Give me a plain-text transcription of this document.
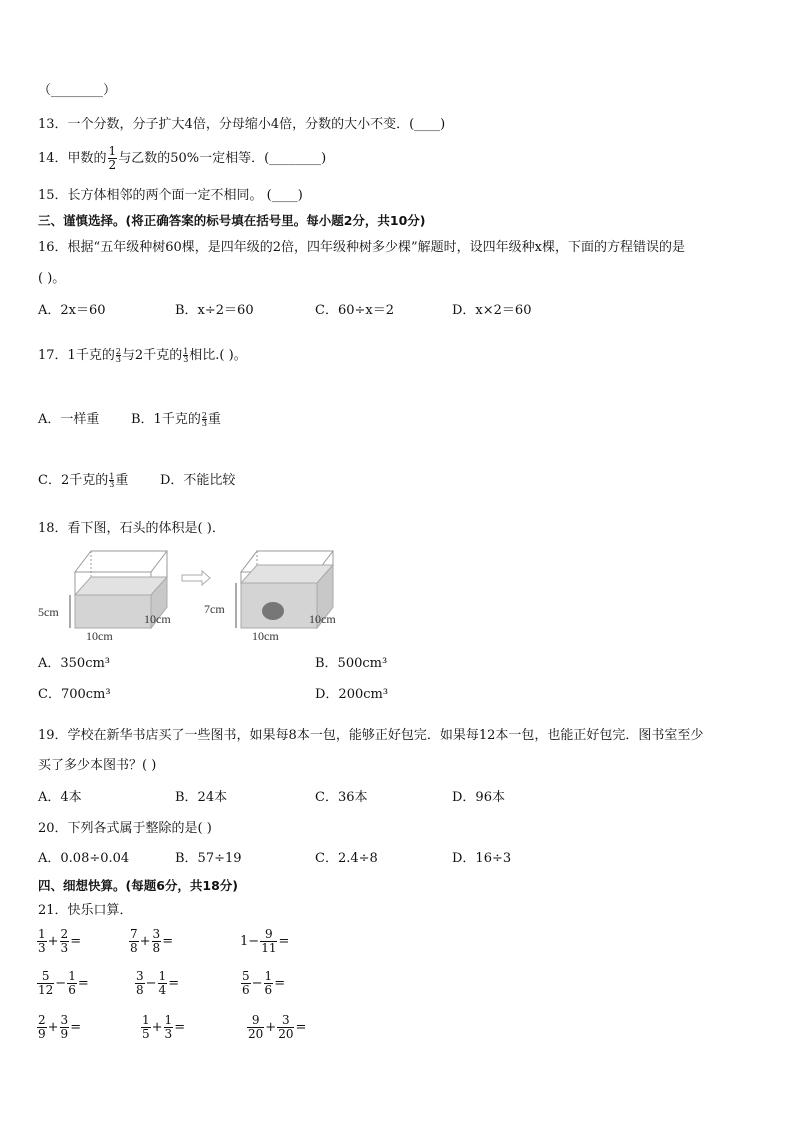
（________）
13．一个分数，分子扩大4倍，分母缩小4倍，分数的大小不变．(____)
14．甲数的 $\frac{1}{2}$ 与乙数的50%一定相等．(________)
15．长方体相邻的两个面一定不相同。 (____)
三、谨慎选择。(将正确答案的标号填在括号里。每小题2分，共10分)
16．根据“五年级种树60棵，是四年级的2倍，四年级种树多少棵”解题时，设四年级种x棵，下面的方程错误的是
( )。
A．2x＝60	B．x÷2＝60	C．60÷x＝2	D．x×2＝60
17．1千克的 $\frac{2}{3}$ 与2千克的 $\frac{1}{3}$ 相比.( )。
A．一样重 B．1千克的 $\frac{2}{3}$ 重
C．2千克的 $\frac{1}{3}$ 重 D．不能比较
18．看下图，石头的体积是( )．
5cm
10cm
10cm
7cm
10cm
10cm
A．350cm³	B．500cm³
C．700cm³	D．200cm³
19．学校在新华书店买了一些图书，如果每8本一包，能够正好包完．如果每12本一包，也能正好包完．图书室至少
买了多少本图书？( )
A．4本	B．24本	C．36本	D．96本
20．下列各式属于整除的是( )
A．0.08÷0.04	B．57÷19	C．2.4÷8	D．16÷3
四、细想快算。(每题6分，共18分)
21．快乐口算．
$\frac{1}{3} + \frac{2}{3}$ =	$\frac{7}{8} + \frac{3}{8}$ =	$1- \frac{9}{11}$ =
$\frac{5}{12} - \frac{1}{6}$ =	$\frac{3}{8} - \frac{1}{4}$ =	$\frac{5}{6} - \frac{1}{6}$ =
$\frac{2}{9} + \frac{3}{9}$ =	$\frac{1}{5} + \frac{1}{3}$ =	$\frac{9}{20} + \frac{3}{20}$ =
